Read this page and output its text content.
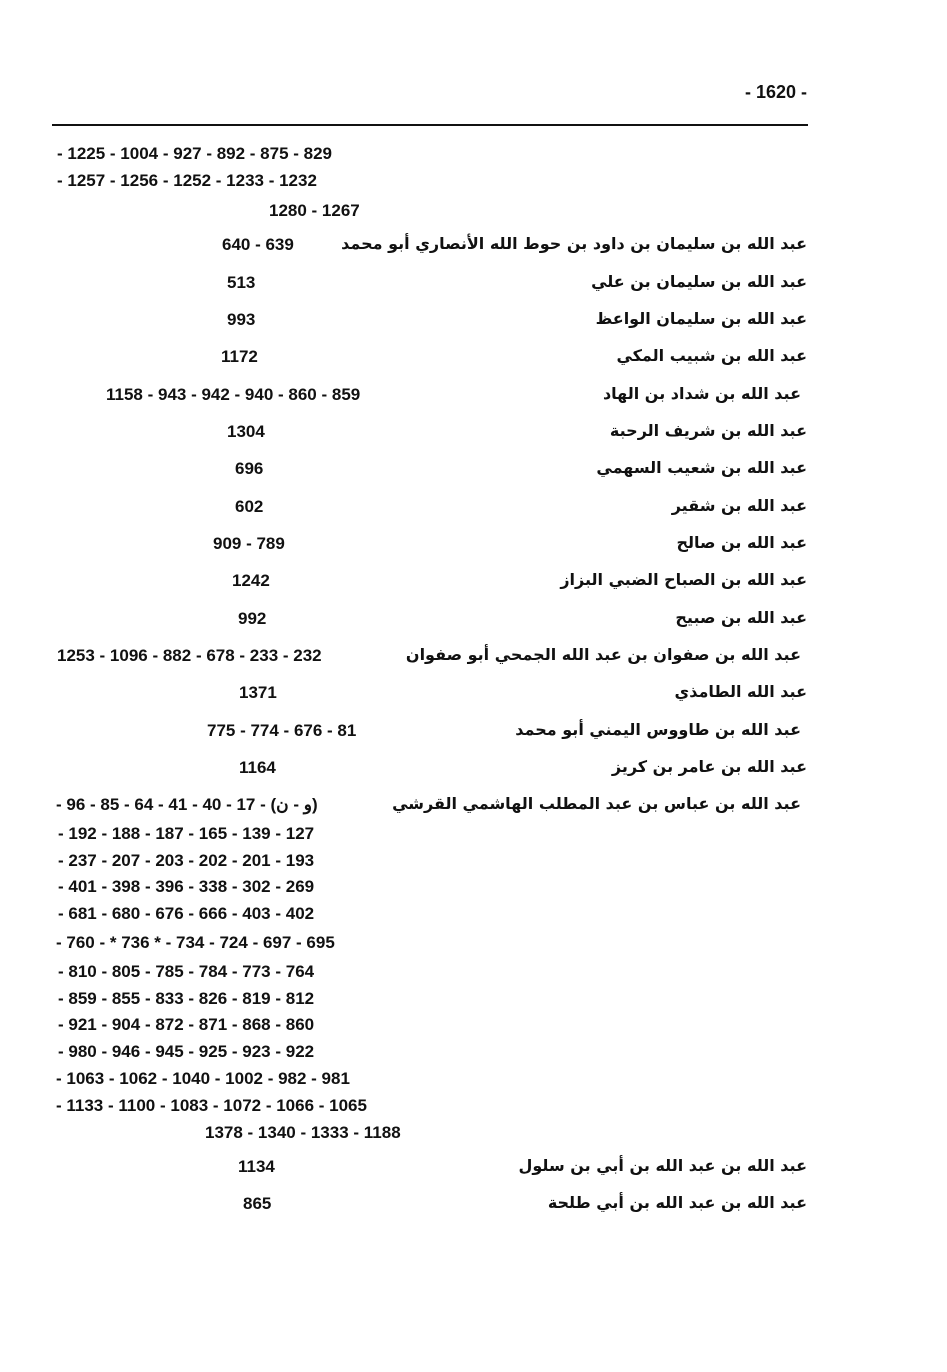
- 1620 -
- 1225 - 1004 - 927 - 892 - 875 - 829
- 1257 - 1256 - 1252 - 1233 - 1232
1280 - 1267
عبد الله بن سليمان بن داود بن حوط الله الأنصاري أبو محمد
640 - 639
عبد الله بن سليمان بن علي
513
عبد الله بن سليمان الواعظ
993
عبد الله بن شبيب المكي
1172
عبد الله بن شداد بن الهاد
1158 - 943 - 942 - 940 - 860 - 859
عبد الله بن شريف الرحبة
1304
عبد الله بن شعيب السهمي
696
عبد الله بن شقير
602
عبد الله بن صالح
909 - 789
عبد الله بن الصباح الضبي البزاز
1242
عبد الله بن صبيح
992
عبد الله بن صفوان بن عبد الله الجمحي أبو صفوان
1253 - 1096 - 882 - 678 - 233 - 232
عبد الله الطامذي
1371
عبد الله بن طاووس اليمني أبو محمد
775 - 774 - 676 - 81
عبد الله بن عامر بن كريز
1164
عبد الله بن عباس بن عبد المطلب الهاشمي القرشي
- 96 - 85 - 64 - 41 - 40 - 17 - (و - ن)
- 192 - 188 - 187 - 165 - 139 - 127
- 237 - 207 - 203 - 202 - 201 - 193
- 401 - 398 - 396 - 338 - 302 - 269
- 681 - 680 - 676 - 666 - 403 - 402
- 760 - * 736 * - 734 - 724 - 697 - 695
- 810 - 805 - 785 - 784 - 773 - 764
- 859 - 855 - 833 - 826 - 819 - 812
- 921 - 904 - 872 - 871 - 868 - 860
- 980 - 946 - 945 - 925 - 923 - 922
- 1063 - 1062 - 1040 - 1002 - 982 - 981
- 1133 - 1100 - 1083 - 1072 - 1066 - 1065
1378 - 1340 - 1333 - 1188
عبد الله بن عبد الله بن أبي بن سلول
1134
عبد الله بن عبد الله بن أبي طلحة
865
